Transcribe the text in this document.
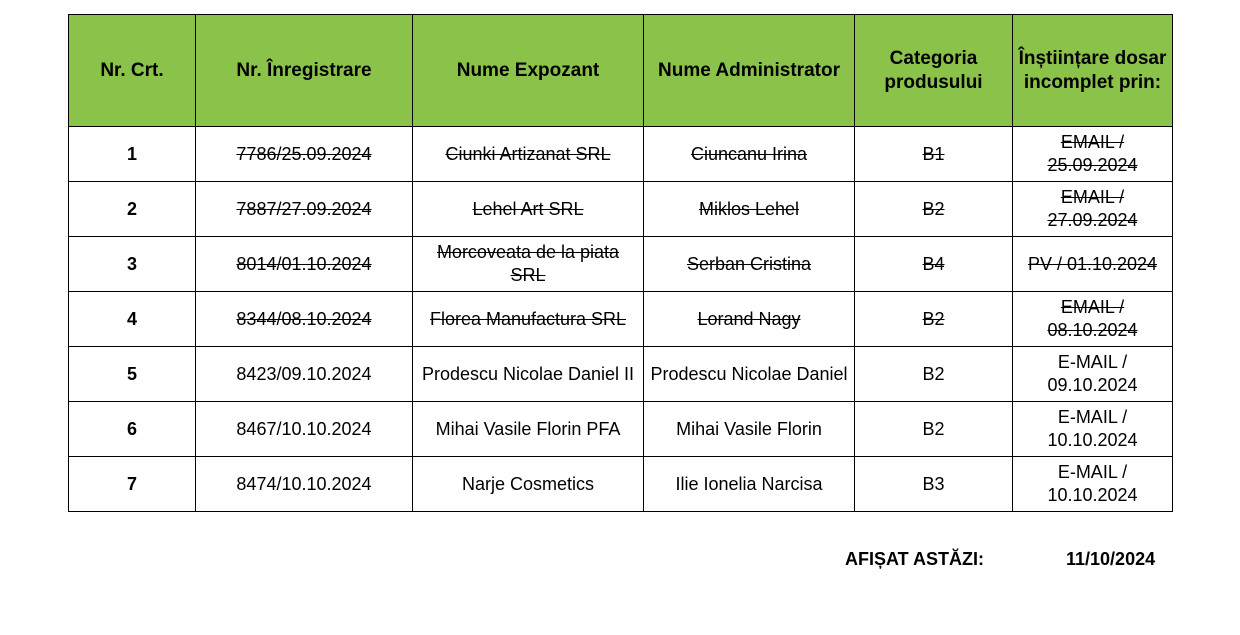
Nr. Crt.	Nr. Înregistrare	Nume Expozant	Nume Administrator	Categoria produsului	Înștiințare dosar incomplet prin:
1	7786/25.09.2024	Ciunki Artizanat SRL	Ciuncanu Irina	B1	EMAIL / 25.09.2024
2	7887/27.09.2024	Lehel Art SRL	Miklos Lehel	B2	EMAIL / 27.09.2024
3	8014/01.10.2024	Morcoveata de la piata SRL	Serban Cristina	B4	PV / 01.10.2024
4	8344/08.10.2024	Florea Manufactura SRL	Lorand Nagy	B2	EMAIL / 08.10.2024
5	8423/09.10.2024	Prodescu Nicolae Daniel II	Prodescu Nicolae Daniel	B2	E-MAIL / 09.10.2024
6	8467/10.10.2024	Mihai Vasile Florin PFA	Mihai Vasile Florin	B2	E-MAIL / 10.10.2024
7	8474/10.10.2024	Narje Cosmetics	Ilie Ionelia Narcisa	B3	E-MAIL / 10.10.2024
AFIȘAT ASTĂZI:	11/10/2024
